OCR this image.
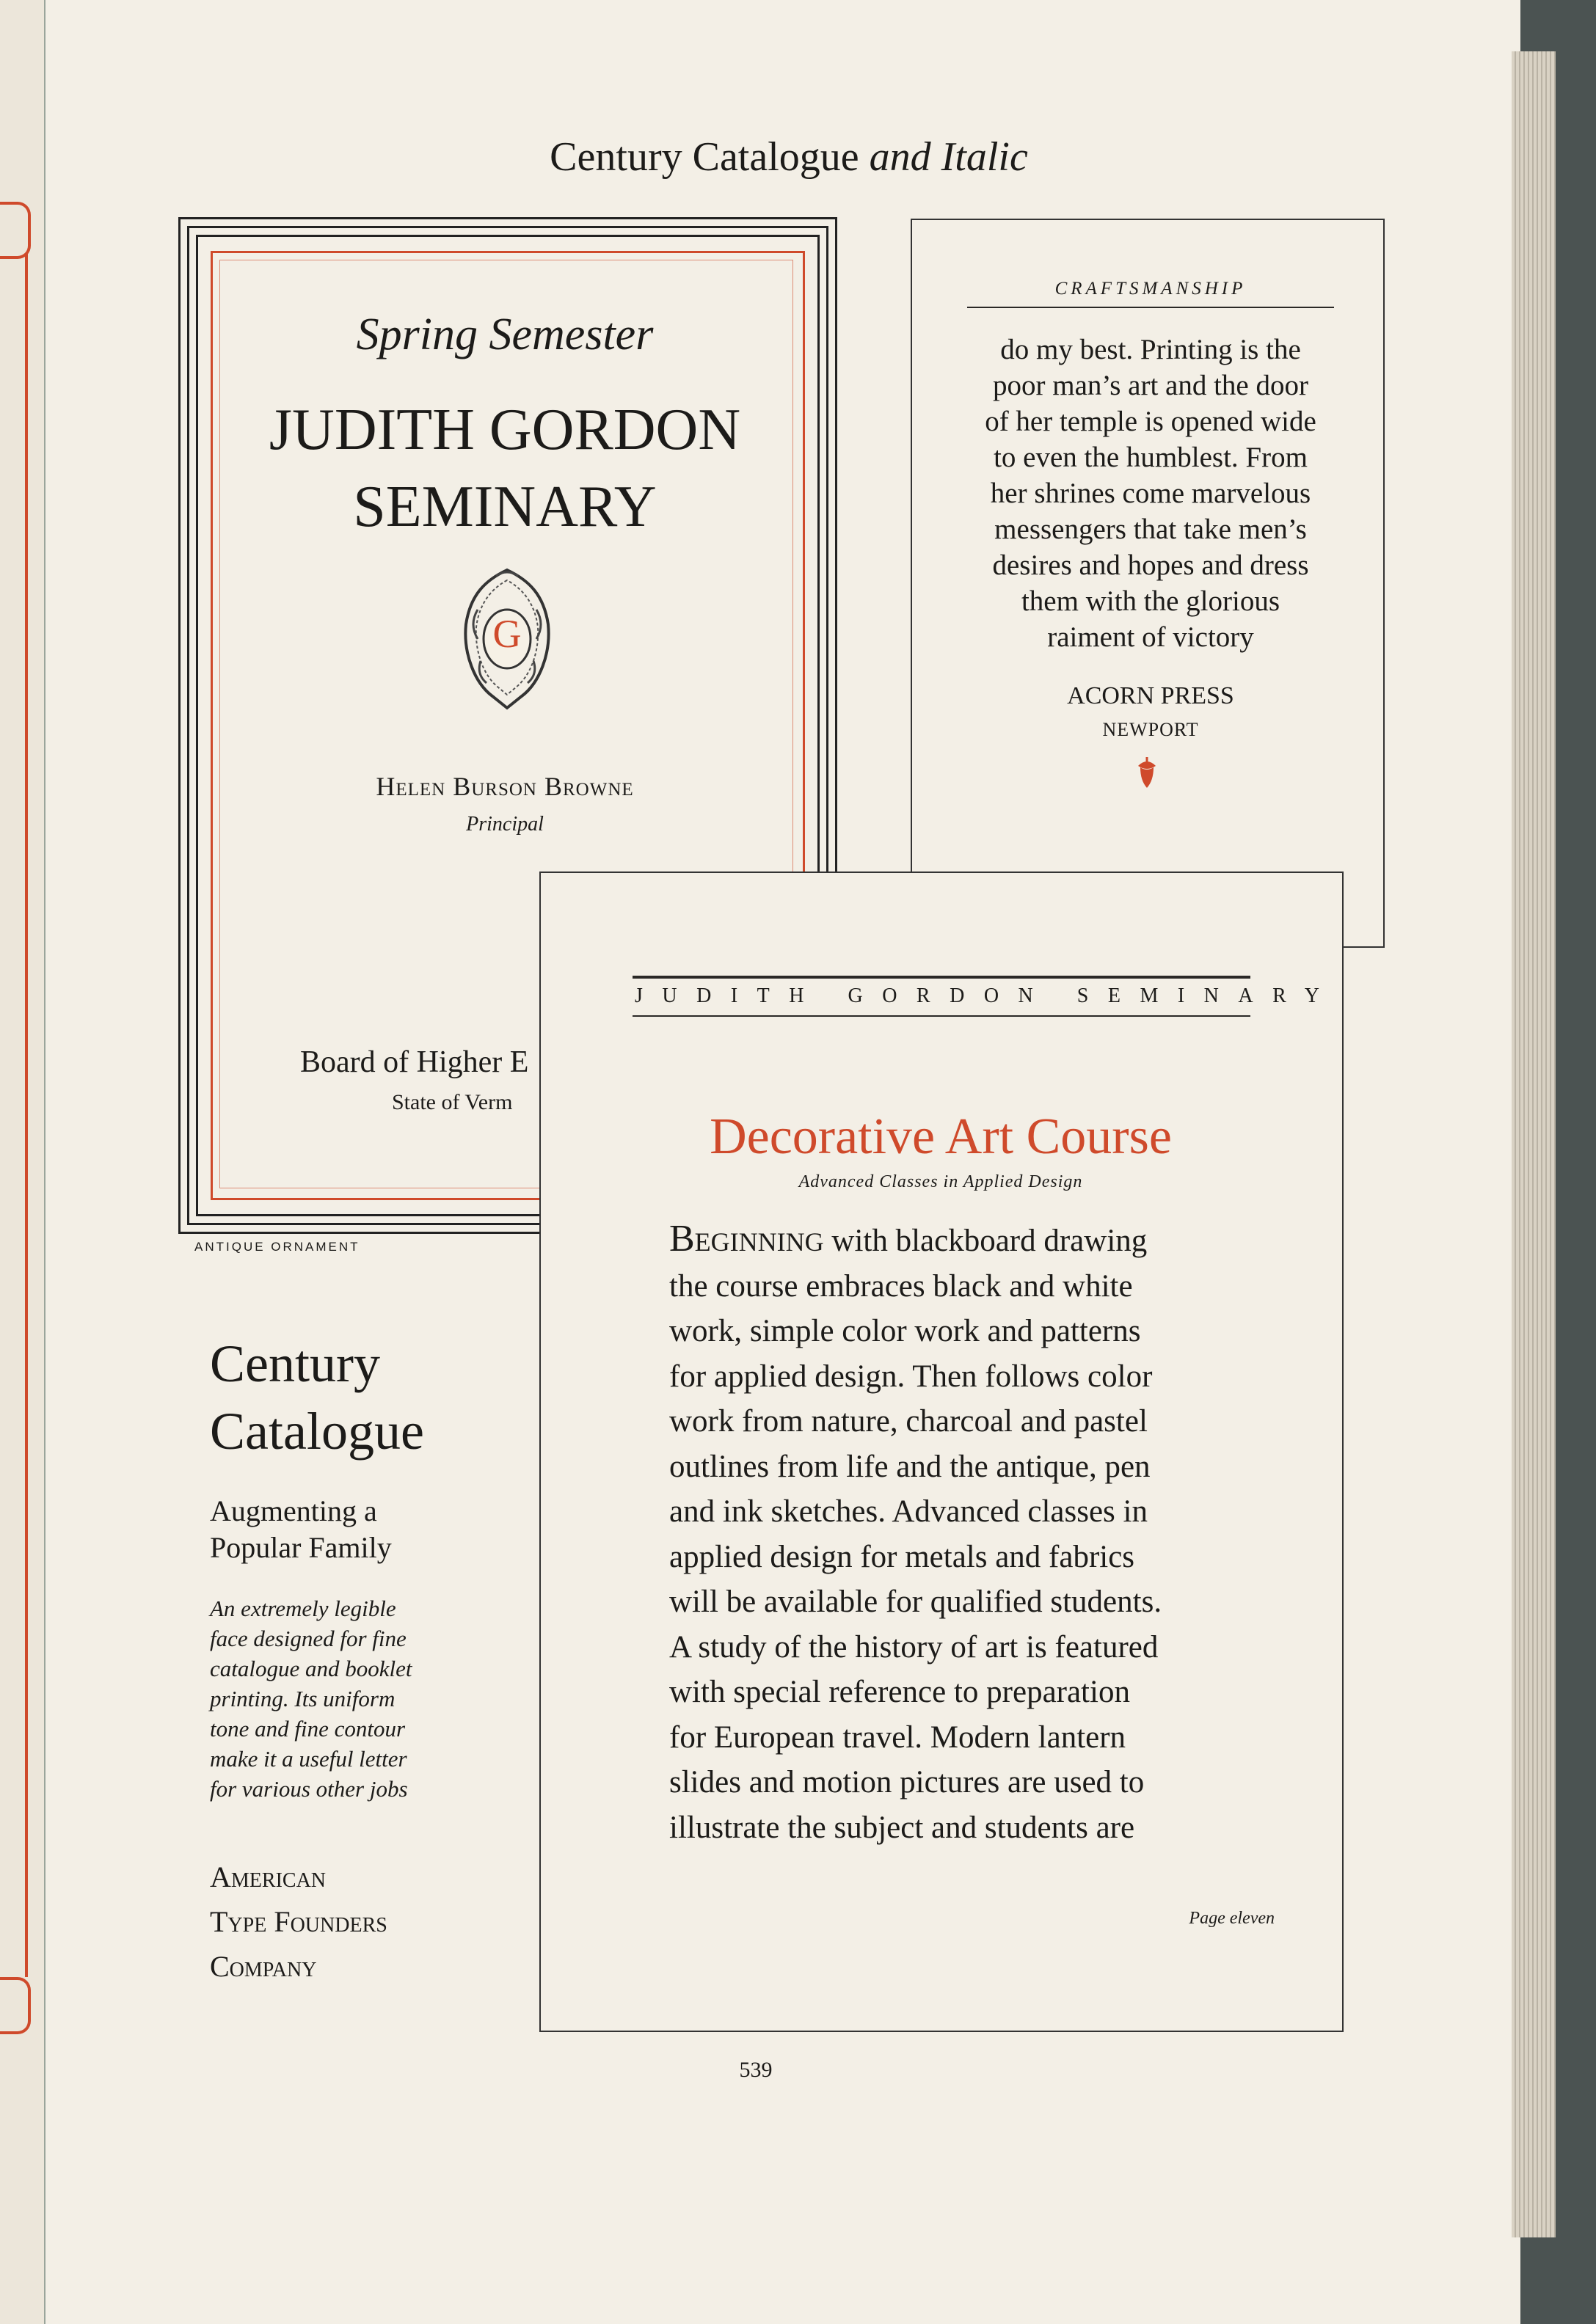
Century Catalogue and Italic
Spring Semester
JUDITH GORDON
SEMINARY
G
Helen Burson Browne
Principal
Board of Higher E
State of Verm
ANTIQUE ORNAMENT
CRAFTSMANSHIP
do my best. Printing is the
poor man’s art and the door
of her temple is opened wide
to even the humblest. From
her shrines come marvelous
messengers that take men’s
desires and hopes and dress
them with the glorious
raiment of victory
ACORN PRESS
NEWPORT
JUDITH GORDON SEMINARY
Decorative Art Course
Advanced Classes in Applied Design
Beginning with blackboard drawing
the course embraces black and white
work, simple color work and patterns
for applied design. Then follows color
work from nature, charcoal and pastel
outlines from life and the antique, pen
and ink sketches. Advanced classes in
applied design for metals and fabrics
will be available for qualified students.
A study of the history of art is featured
with special reference to preparation
for European travel. Modern lantern
slides and motion pictures are used to
illustrate the subject and students are
Page eleven
Century
Catalogue
Augmenting a
Popular Family
An extremely legible
face designed for fine
catalogue and booklet
printing. Its uniform
tone and fine contour
make it a useful letter
for various other jobs
American
Type Founders
Company
539
